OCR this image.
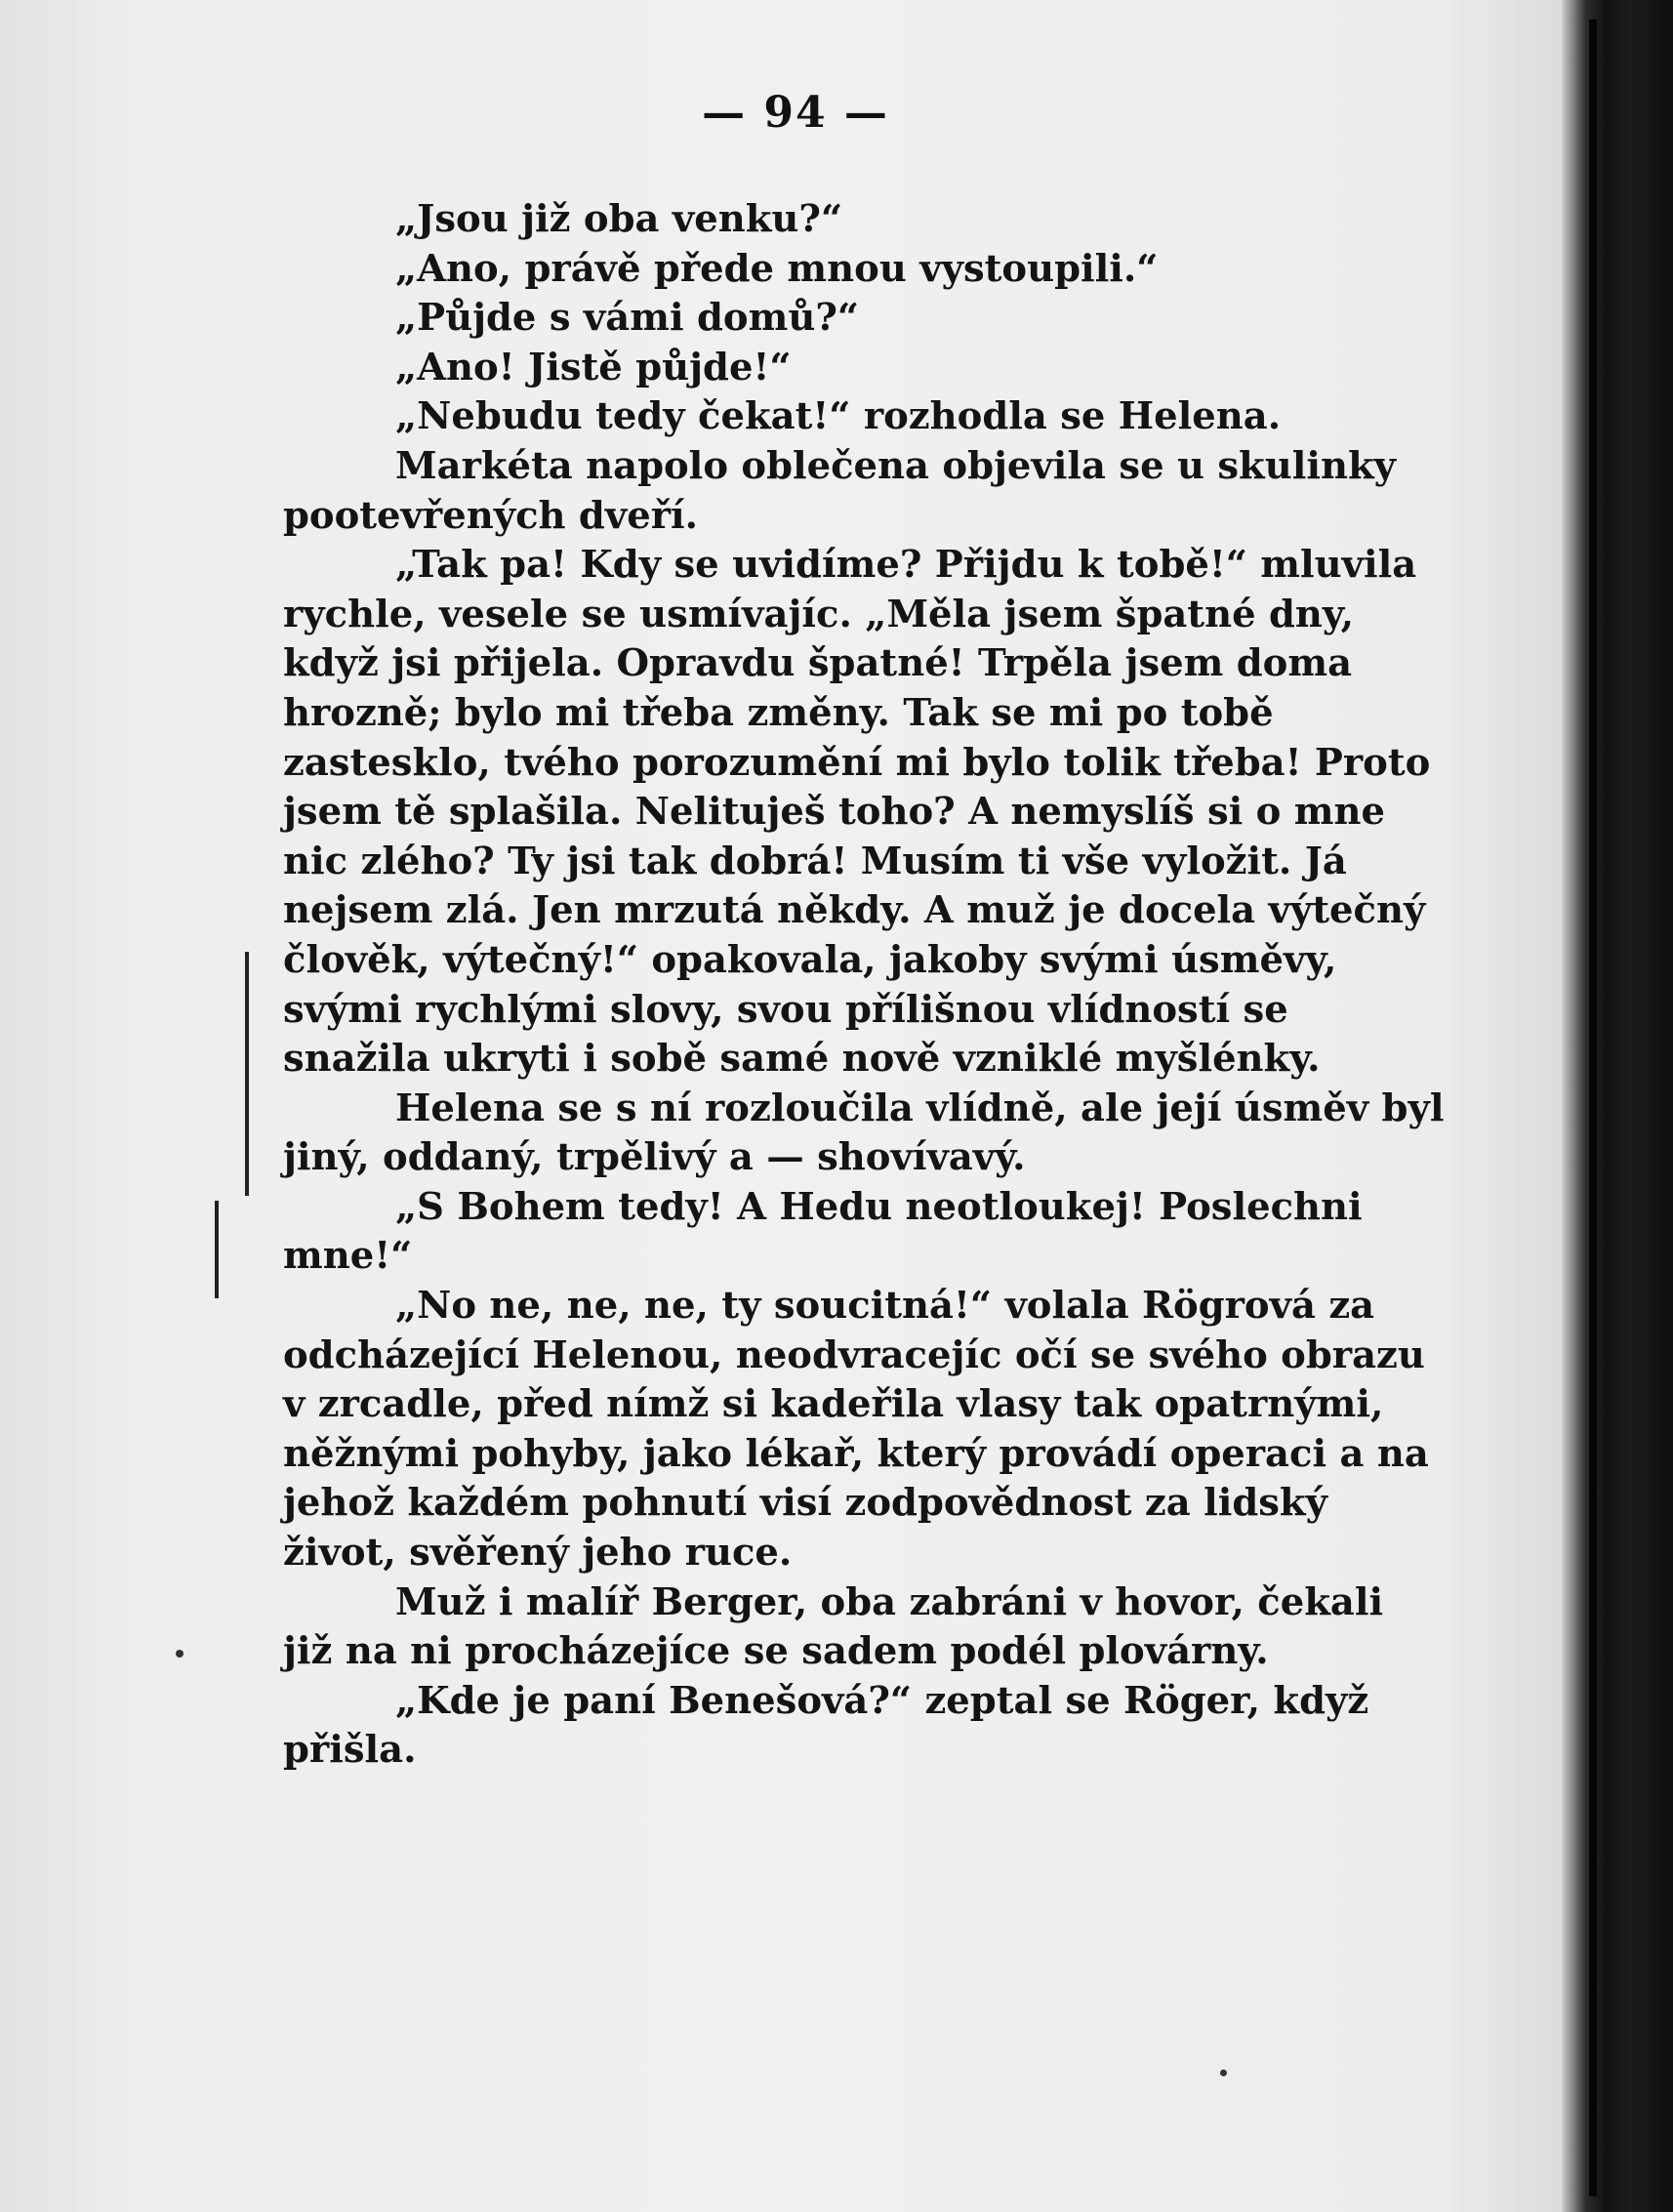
— 94 —

„Jsou již oba venku?“

„Ano, právě přede mnou vystoupili.“

„Půjde s vámi domů?“

„Ano! Jistě půjde!“

„Nebudu tedy čekat!“ rozhodla se Helena.

Markéta napolo oblečena objevila se u skulinky pootevřených dveří.

„Tak pa! Kdy se uvidíme? Přijdu k tobě!“ mluvila rychle, vesele se usmívajíc. „Měla jsem špatné dny, když jsi přijela. Opravdu špatné! Trpěla jsem doma hrozně; bylo mi třeba změny. Tak se mi po tobě zastesklo, tvého porozumění mi bylo tolik třeba! Proto jsem tě splašila. Nelituješ toho? A nemyslíš si o mne nic zlého? Ty jsi tak dobrá! Musím ti vše vyložit. Já nejsem zlá. Jen mrzutá někdy. A muž je docela výtečný člověk, výtečný!“ opakovala, jakoby svými úsměvy, svými rychlými slovy, svou přílišnou vlídností se snažila ukryti i sobě samé nově vzniklé myšlénky.

Helena se s ní rozloučila vlídně, ale její úsměv byl jiný, oddaný, trpělivý a — shovívavý.

„S Bohem tedy! A Hedu neotloukej! Poslechni mne!“

„No ne, ne, ne, ty soucitná!“ volala Rögrová za odcházející Helenou, neodvracejíc očí se svého obrazu v zrcadle, před nímž si kadeřila vlasy tak opatrnými, něžnými pohyby, jako lékař, který provádí operaci a na jehož každém pohnutí visí zodpovědnost za lidský život, svěřený jeho ruce.

Muž i malíř Berger, oba zabráni v hovor, čekali již na ni procházejíce se sadem podél plovárny.

„Kde je paní Benešová?“ zeptal se Röger, když přišla.
